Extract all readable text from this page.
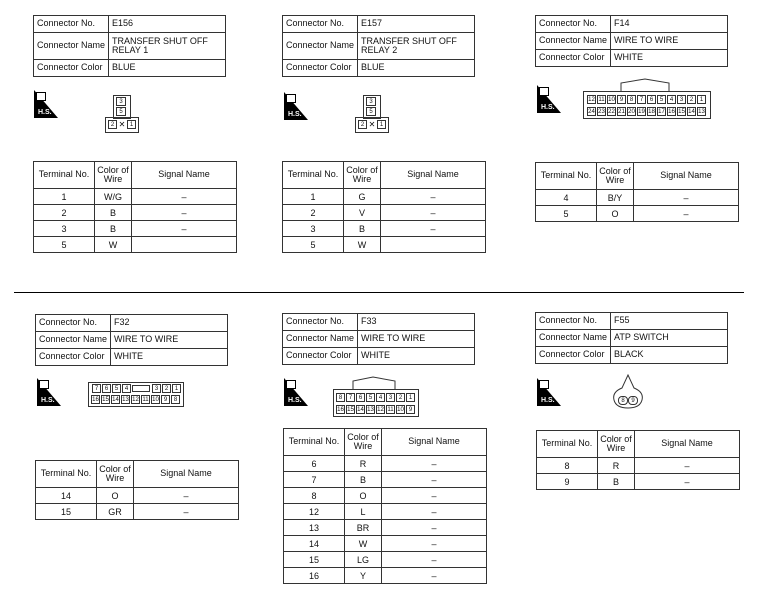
Connector No.	E156
Connector Name	TRANSFER SHUT OFF RELAY 1
Connector Color	BLUE
H.S.
3
5
2 ✕ 1
Terminal No.	Color of Wire	Signal Name
1	W/G	–
2	B	–
3	B	–
5	W	
Connector No.	E157
Connector Name	TRANSFER SHUT OFF RELAY 2
Connector Color	BLUE
H.S.
3
5
2 ✕ 1
Terminal No.	Color of Wire	Signal Name
1	G	–
2	V	–
3	B	–
5	W	
Connector No.	F14
Connector Name	WIRE TO WIRE
Connector Color	WHITE
H.S.
12 11 10 9	8	7	6	5	4	3	2	1
24 23 22 21 20 19 18 17 16 15 14 13
Terminal No.	Color of Wire	Signal Name
4	B/Y	–
5	O	–
Connector No.	F32
Connector Name	WIRE TO WIRE
Connector Color	WHITE
H.S.
7	6	5	4	3	2	1
16 15 14 13 12 11 10 9	8
Terminal No.	Color of Wire	Signal Name
14	O	–
15	GR	–
Connector No.	F33
Connector Name	WIRE TO WIRE
Connector Color	WHITE
H.S.	8	7	6	5	4	3	2	1
16 15 14 13 12 11 10 9
Terminal No.	Color of Wire	Signal Name
6	R	–
7	B	–
8	O	–
12	L	–
13	BR	–
14	W	–
15	LG	–
16	Y	–
Connector No.	F55
Connector Name	ATP SWITCH
Connector Color	BLACK
H.S.	8	9
Terminal No.	Color of Wire	Signal Name
8	R	–
9	B	–
